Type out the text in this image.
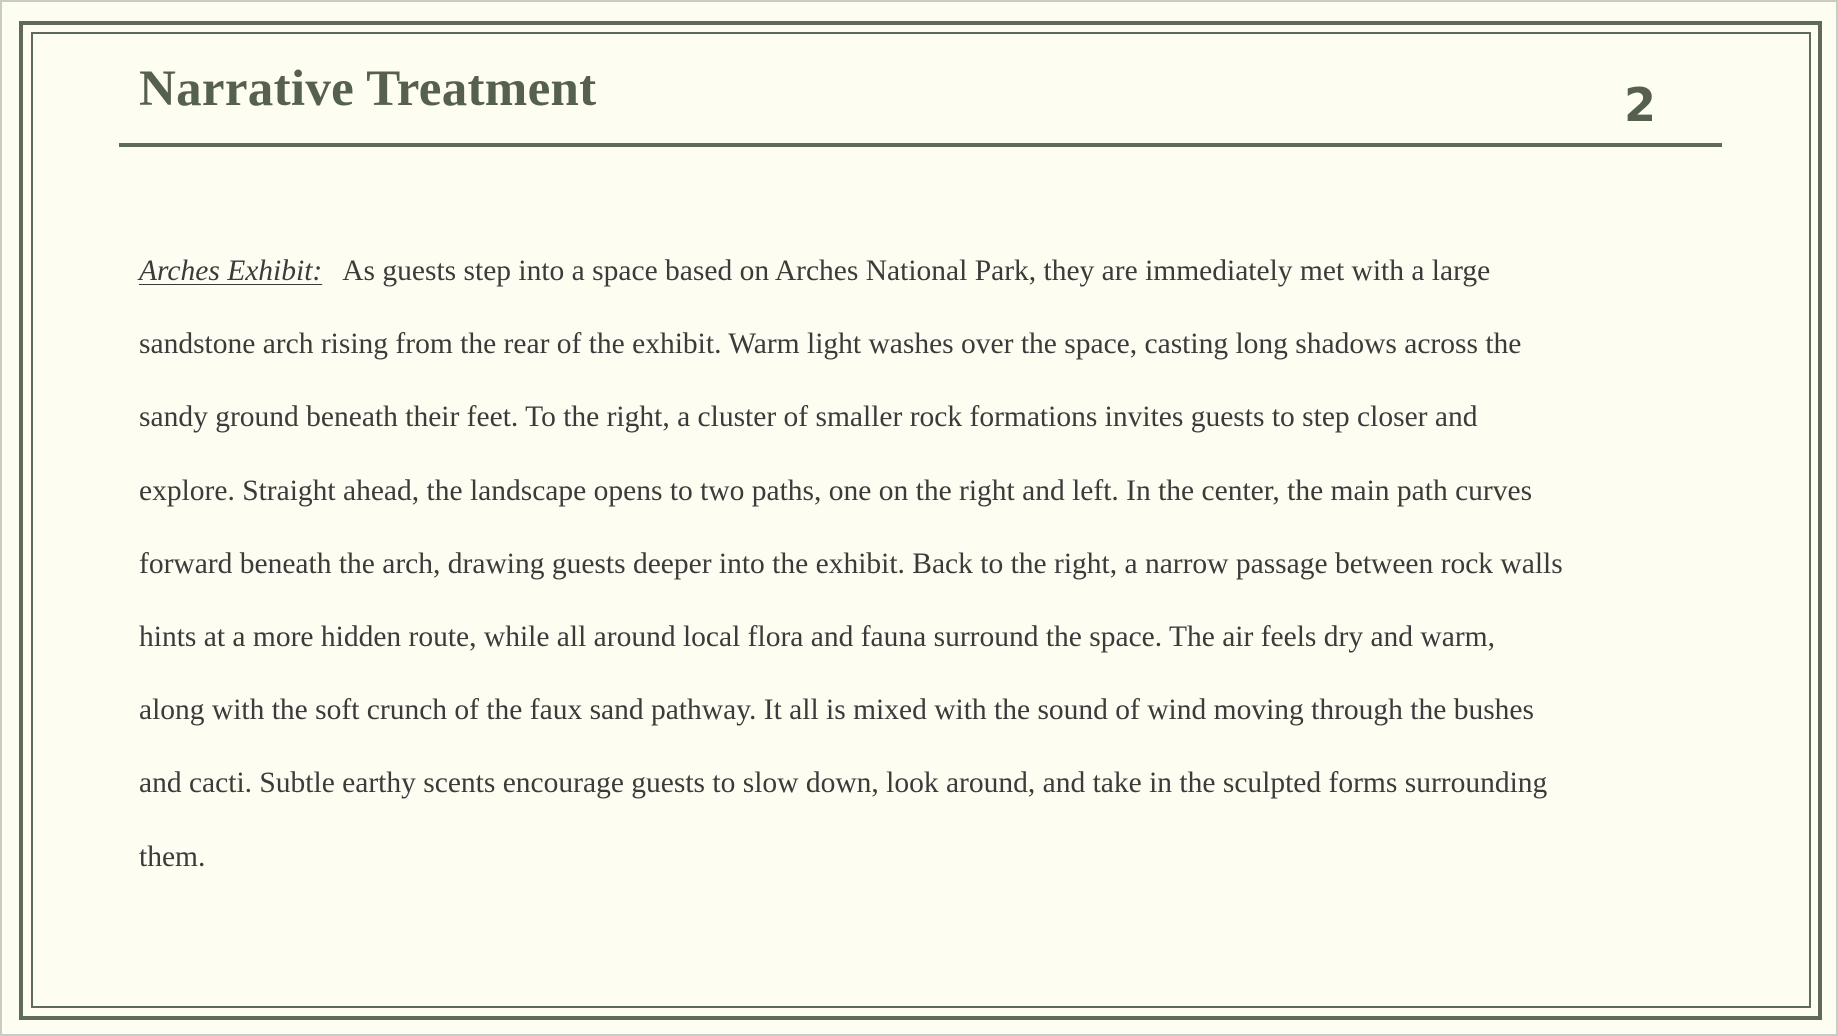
Narrative Treatment	2
Arches Exhibit: As guests step into a space based on Arches National Park, they are immediately met with a large
sandstone arch rising from the rear of the exhibit. Warm light washes over the space, casting long shadows across the
sandy ground beneath their feet. To the right, a cluster of smaller rock formations invites guests to step closer and
explore. Straight ahead, the landscape opens to two paths, one on the right and left. In the center, the main path curves
forward beneath the arch, drawing guests deeper into the exhibit. Back to the right, a narrow passage between rock walls
hints at a more hidden route, while all around local flora and fauna surround the space. The air feels dry and warm,
along with the soft crunch of the faux sand pathway. It all is mixed with the sound of wind moving through the bushes
and cacti. Subtle earthy scents encourage guests to slow down, look around, and take in the sculpted forms surrounding
them.
